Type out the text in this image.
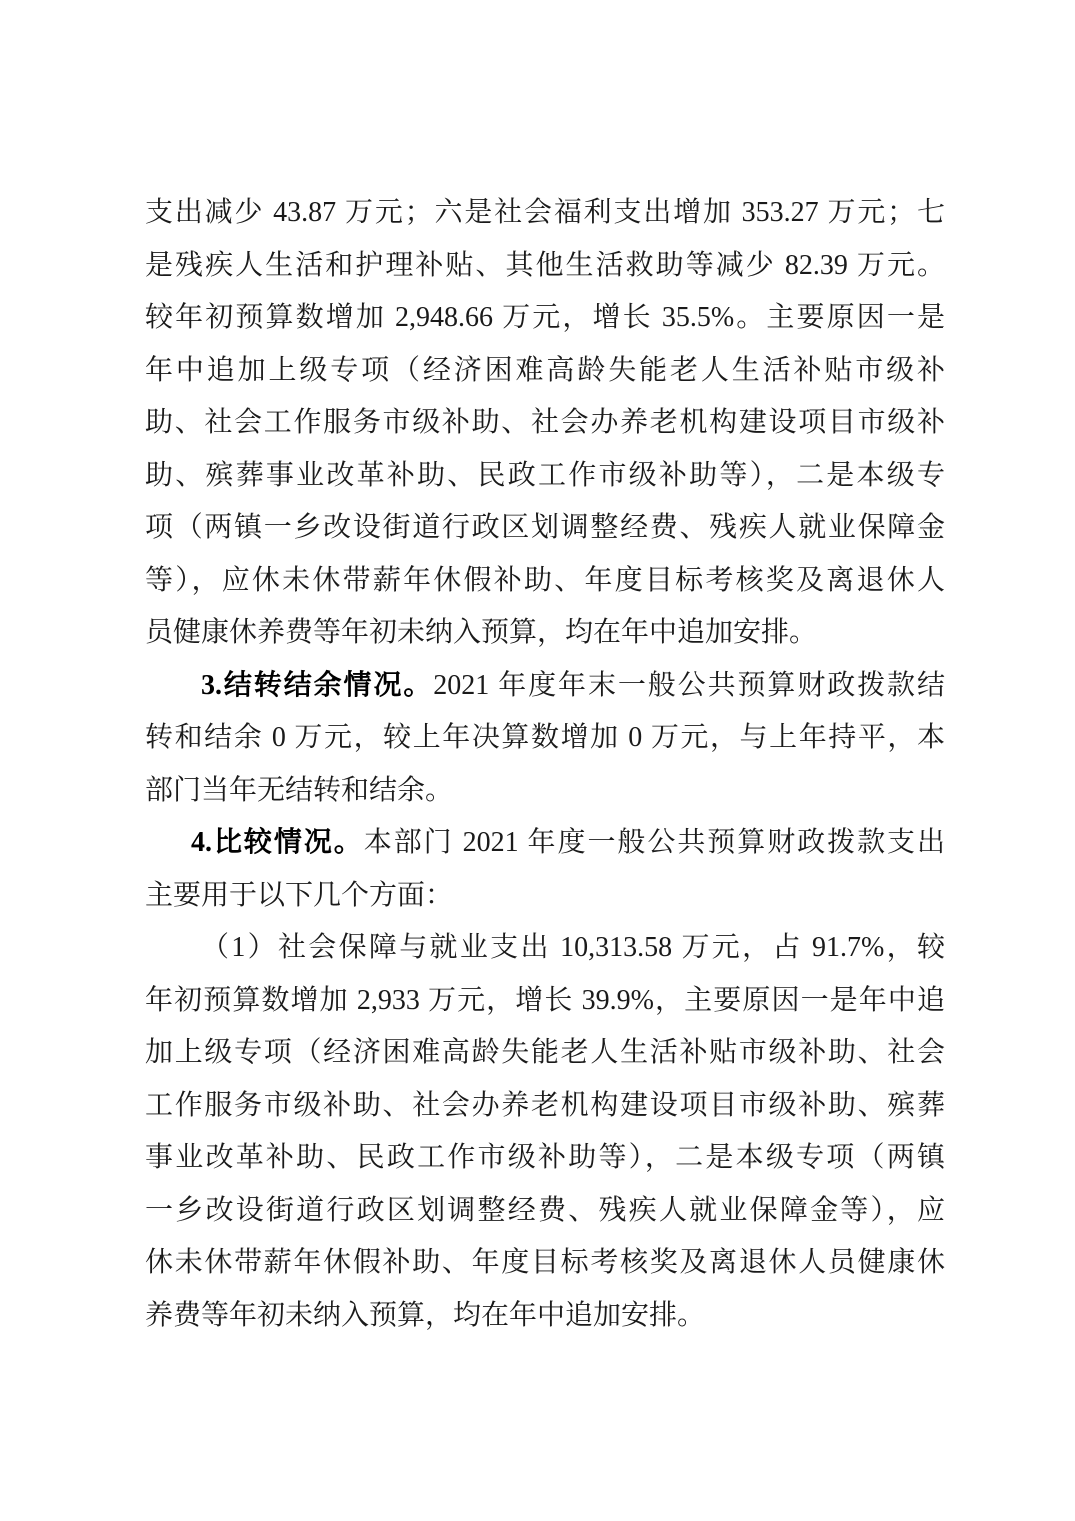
支出减少 43.87 万元；六是社会福利支出增加 353.27 万元；七
是残疾人生活和护理补贴、其他生活救助等减少 82.39 万元。
较年初预算数增加 2,948.66 万元，增长 35.5%。主要原因一是
年中追加上级专项（经济困难高龄失能老人生活补贴市级补
助、社会工作服务市级补助、社会办养老机构建设项目市级补
助、殡葬事业改革补助、民政工作市级补助等），二是本级专
项（两镇一乡改设街道行政区划调整经费、残疾人就业保障金
等），应休未休带薪年休假补助、年度目标考核奖及离退休人
员健康休养费等年初未纳入预算，均在年中追加安排。
3.结转结余情况。2021 年度年末一般公共预算财政拨款结
转和结余 0 万元，较上年决算数增加 0 万元，与上年持平，本
部门当年无结转和结余。
4.比较情况。本部门 2021 年度一般公共预算财政拨款支出
主要用于以下几个方面：
（1）社会保障与就业支出 10,313.58 万元，占 91.7%，较
年初预算数增加 2,933 万元，增长 39.9%，主要原因一是年中追
加上级专项（经济困难高龄失能老人生活补贴市级补助、社会
工作服务市级补助、社会办养老机构建设项目市级补助、殡葬
事业改革补助、民政工作市级补助等），二是本级专项（两镇
一乡改设街道行政区划调整经费、残疾人就业保障金等），应
休未休带薪年休假补助、年度目标考核奖及离退休人员健康休
养费等年初未纳入预算，均在年中追加安排。
